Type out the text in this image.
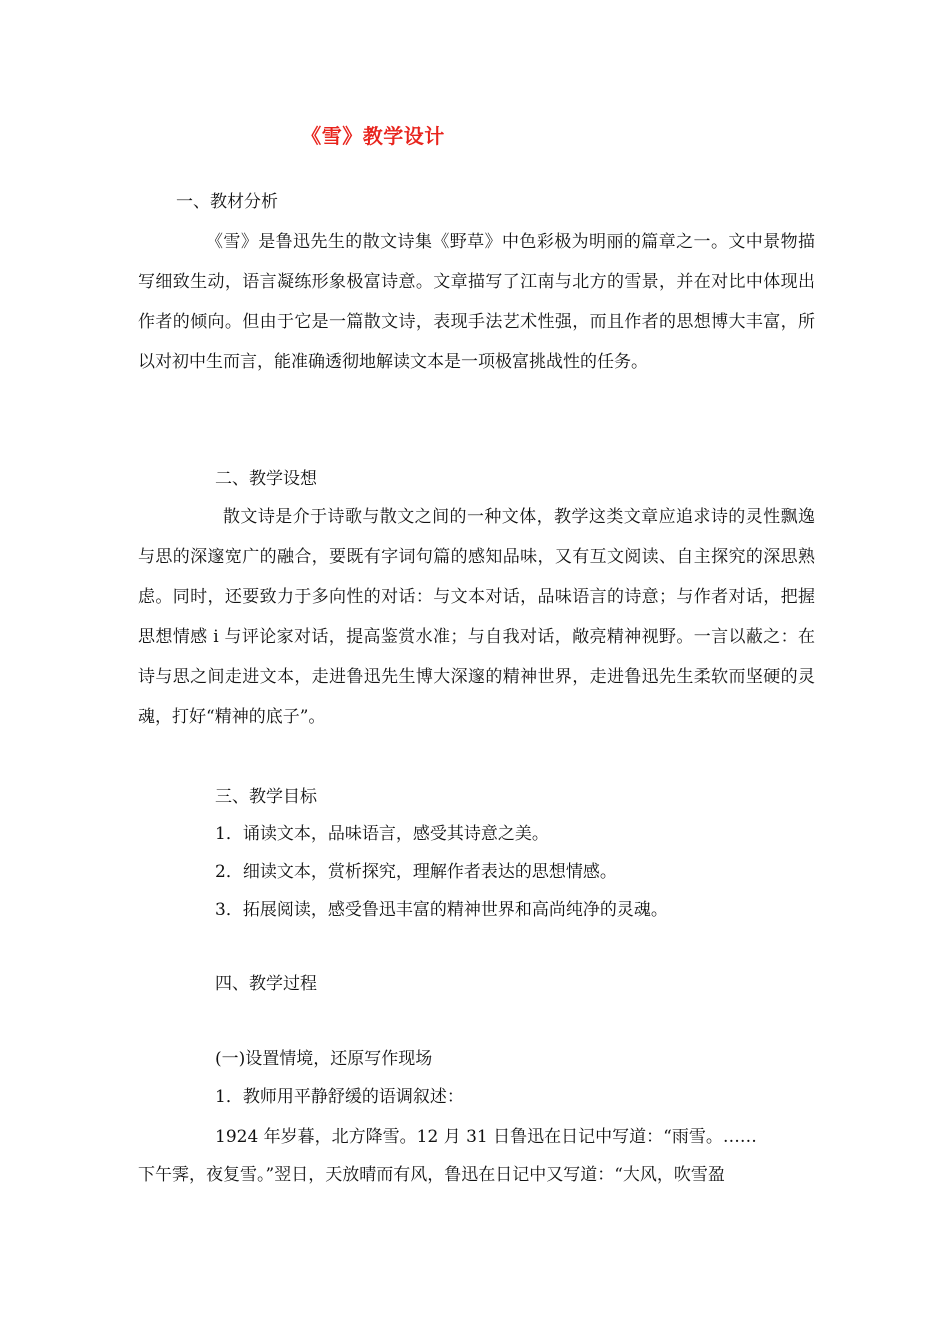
《雪》教学设计
一、教材分析

《雪》是鲁迅先生的散文诗集《野草》中色彩极为明丽的篇章之一。文中景物描写细致生动，语言凝练形象极富诗意。文章描写了江南与北方的雪景，并在对比中体现出作者的倾向。但由于它是一篇散文诗，表现手法艺术性强，而且作者的思想博大丰富，所以对初中生而言，能准确透彻地解读文本是一项极富挑战性的任务。

二、教学设想

散文诗是介于诗歌与散文之间的一种文体，教学这类文章应追求诗的灵性飘逸与思的深邃宽广的融合，要既有字词句篇的感知品味，又有互文阅读、自主探究的深思熟虑。同时，还要致力于多向性的对话：与文本对话，品味语言的诗意；与作者对话，把握思想情感 i 与评论家对话，提高鉴赏水准；与自我对话，敞亮精神视野。一言以蔽之：在诗与思之间走进文本，走进鲁迅先生博大深邃的精神世界，走进鲁迅先生柔软而坚硬的灵魂，打好“精神的底子”。

三、教学目标
1．诵读文本，品味语言，感受其诗意之美。
2．细读文本，赏析探究，理解作者表达的思想情感。
3．拓展阅读，感受鲁迅丰富的精神世界和高尚纯净的灵魂。
四、教学过程
(一)设置情境，还原写作现场
1．教师用平静舒缓的语调叙述：
1924 年岁暮，北方降雪。12 月 31 日鲁迅在日记中写道：“雨雪。……
下午霁，夜复雪。”翌日，天放晴而有风，鲁迅在日记中又写道：“大风，吹雪盈
